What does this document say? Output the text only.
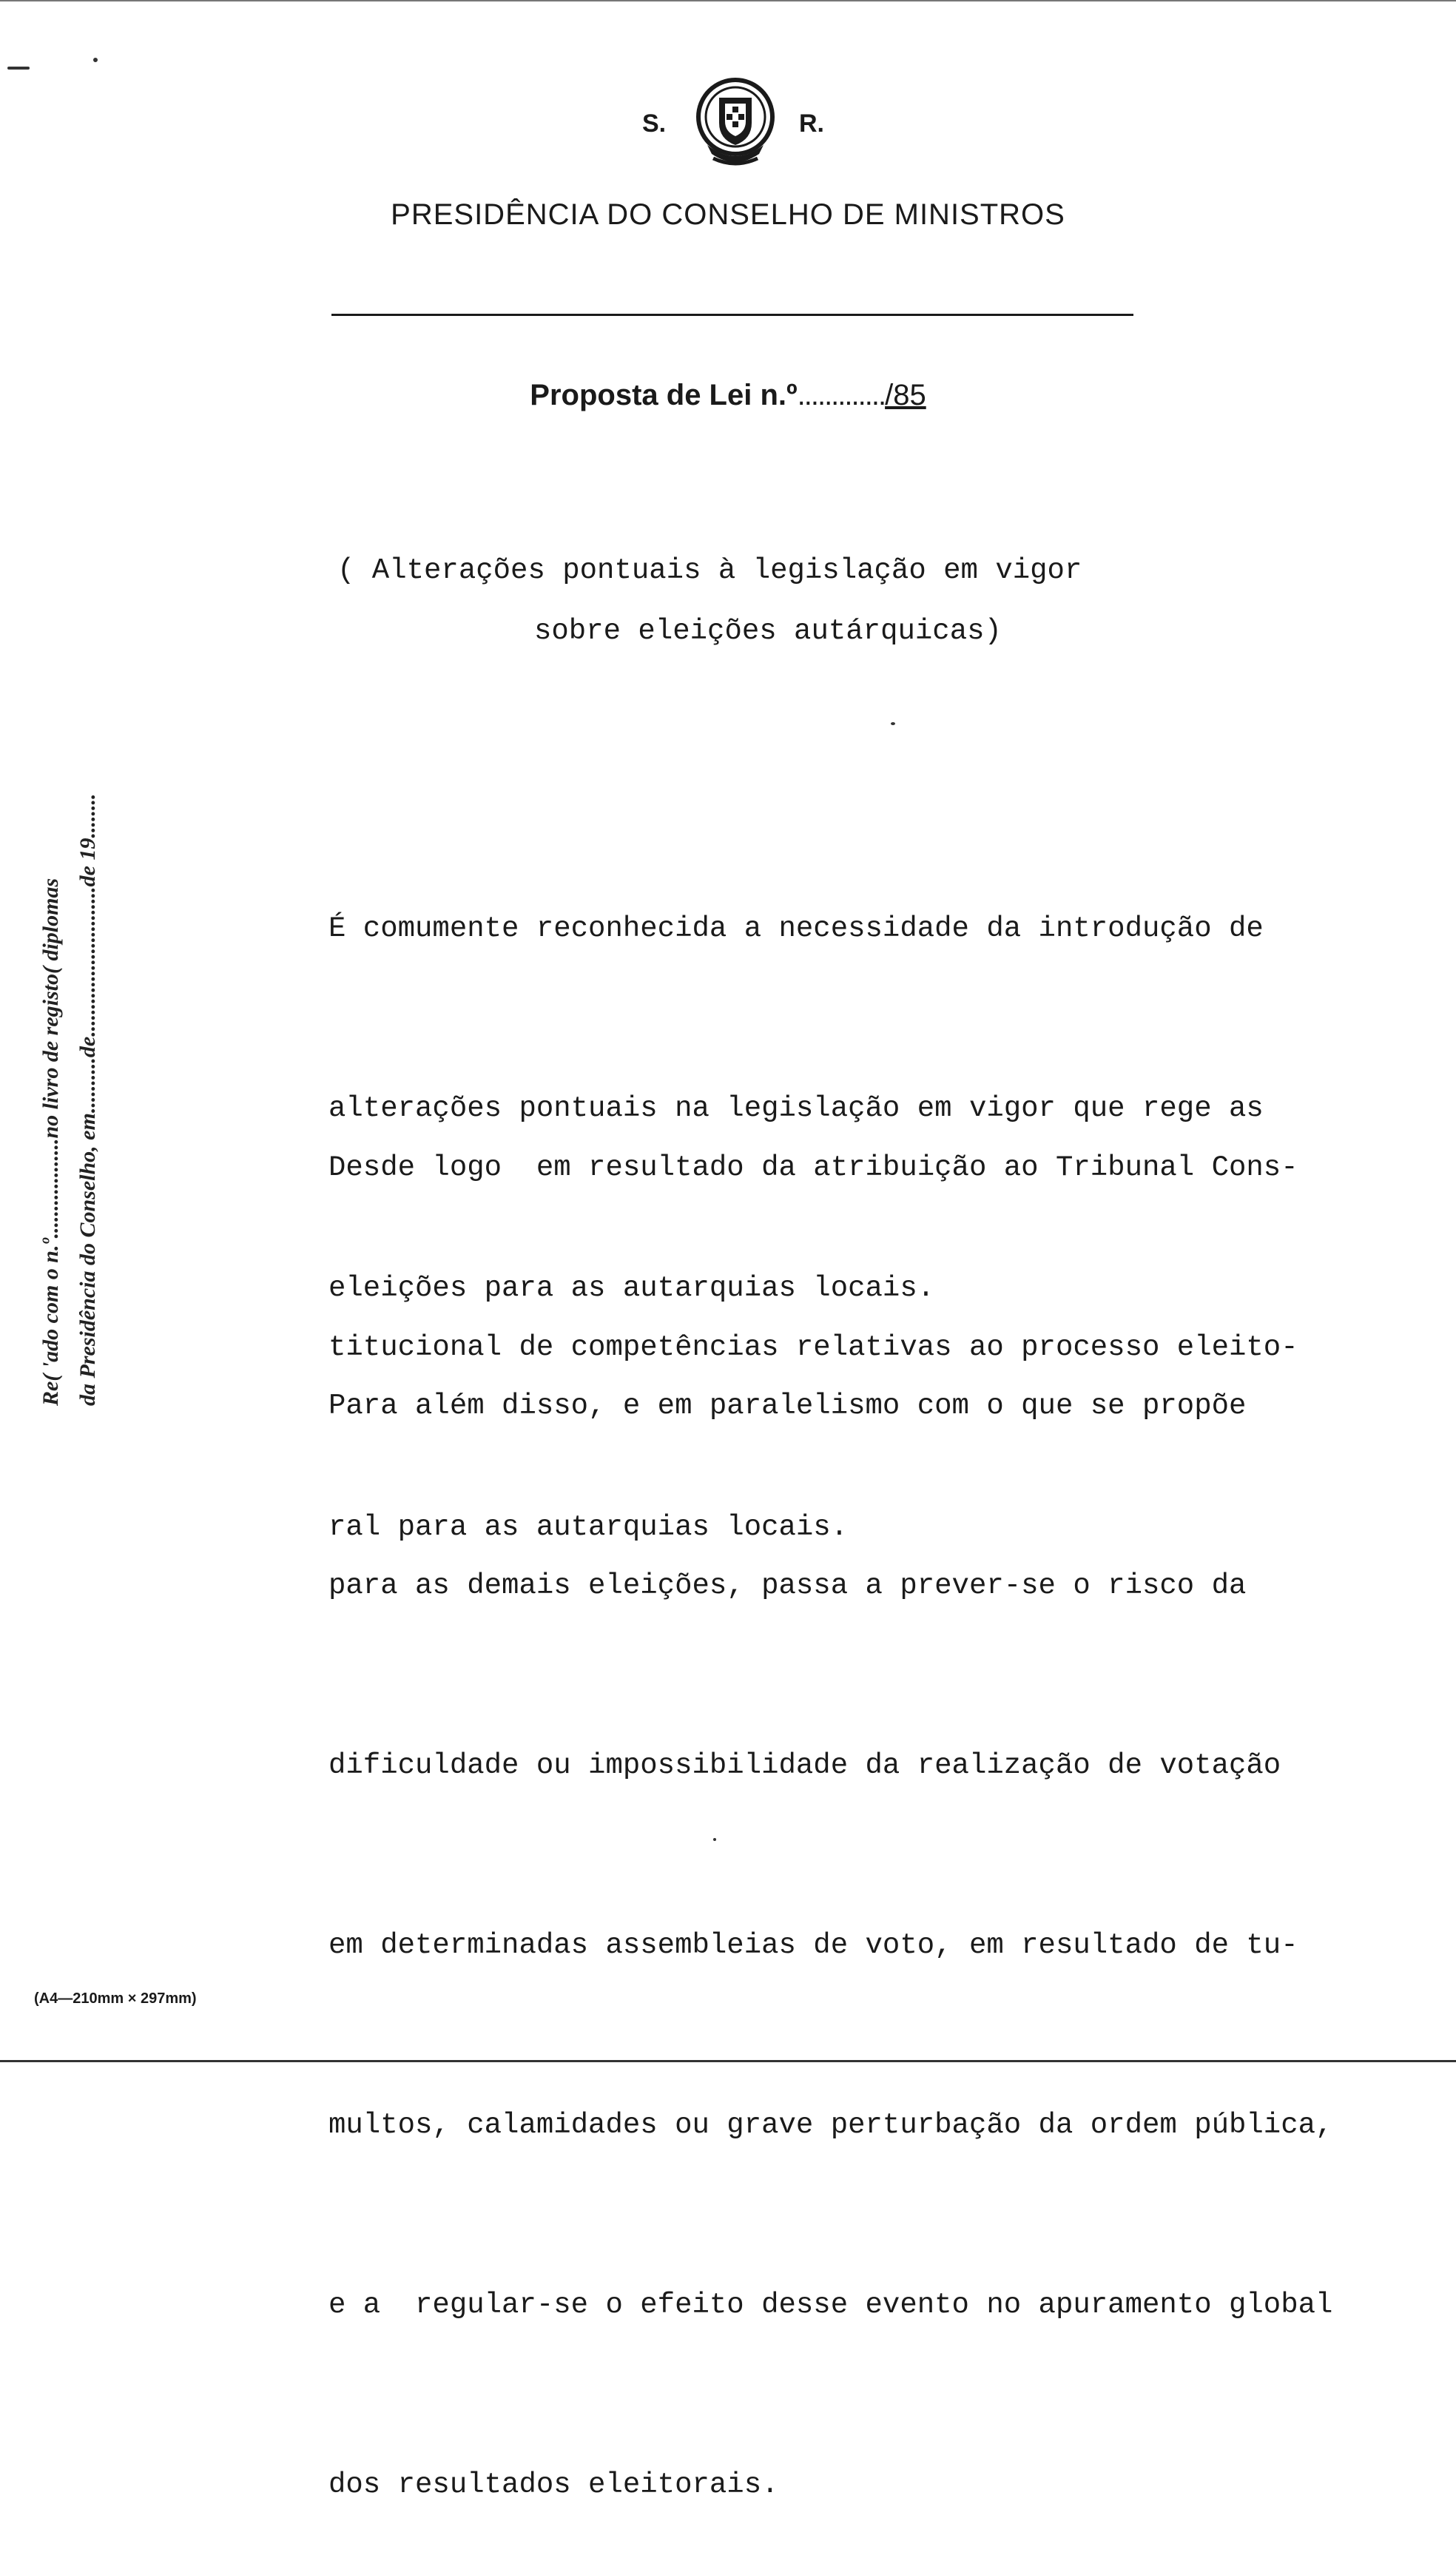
S.	R.
PRESIDÊNCIA DO CONSELHO DE MINISTROS
Proposta de Lei n.º............./85
( Alterações pontuais à legislação em vigor
sobre eleições autárquicas)

É comumente reconhecida a necessidade da introdução de

alterações pontuais na legislação em vigor que rege as

eleições para as autarquias locais.

Desde logo  em resultado da atribuição ao Tribunal Cons-

titucional de competências relativas ao processo eleito-

ral para as autarquias locais.

Para além disso, e em paralelismo com o que se propõe

para as demais eleições, passa a prever-se o risco da

dificuldade ou impossibilidade da realização de votação

em determinadas assembleias de voto, em resultado de tu-

multos, calamidades ou grave perturbação da ordem pública,

e a  regular-se o efeito desse evento no apuramento global

dos resultados eleitorais.

Re( 'ado com o n.º..................no livro de registo( diplomas da Presidência do Conselho, em..........de...........................de 19........
(A4—210mm × 297mm)
